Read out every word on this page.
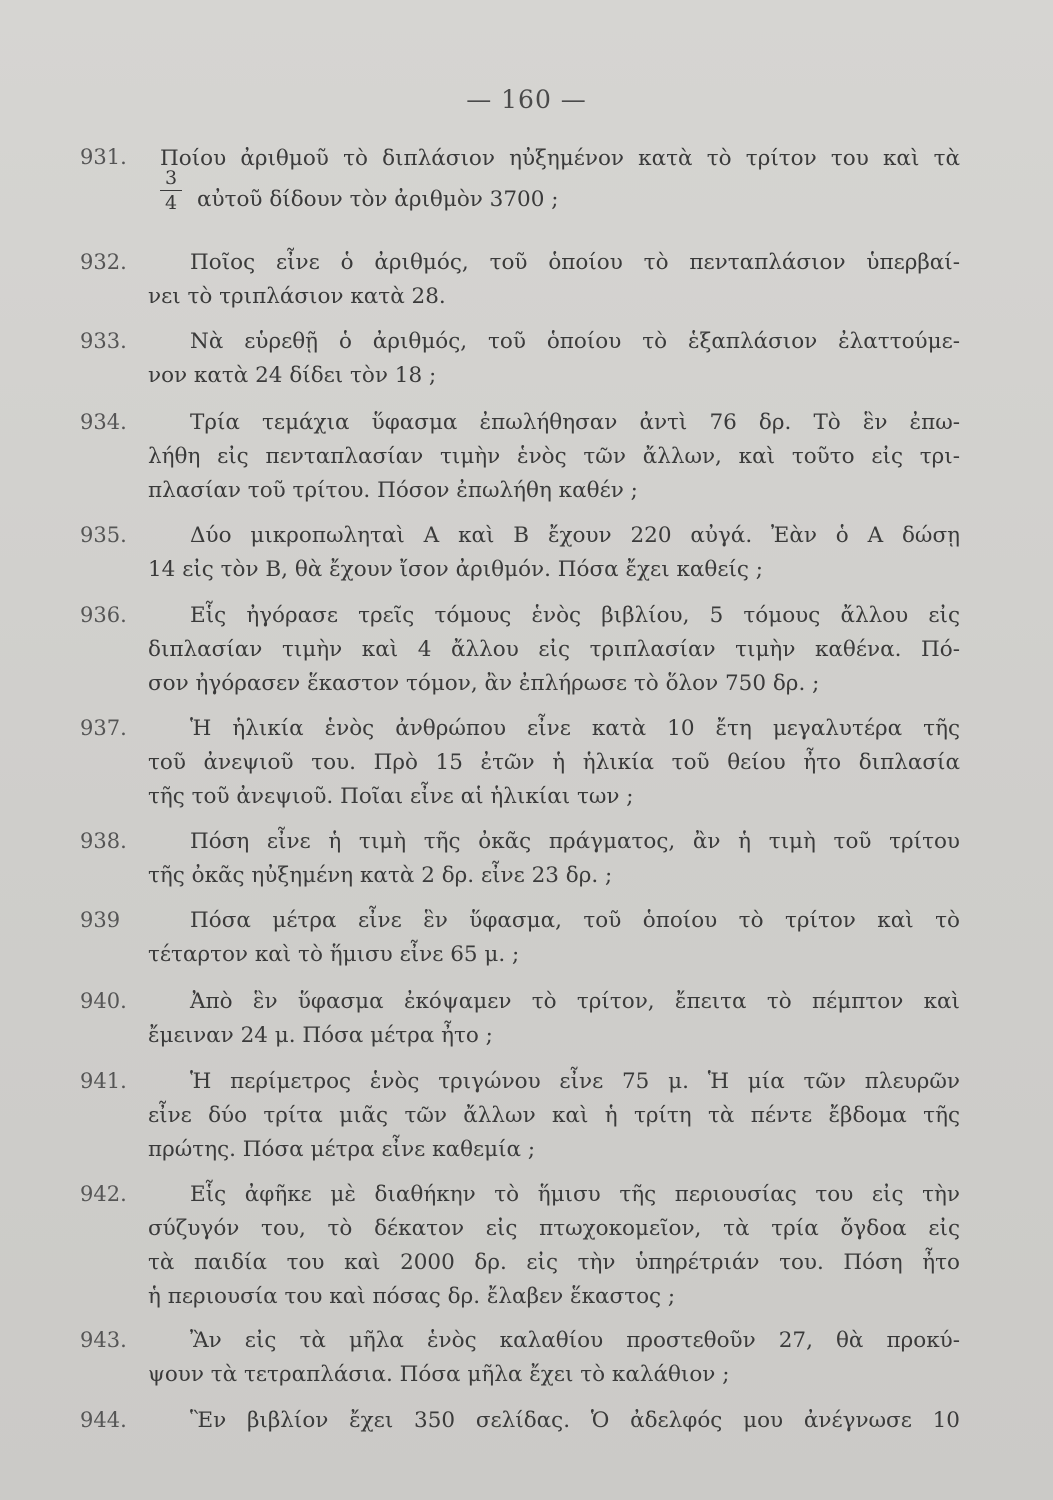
— 160 —
931. Ποίου ἀριθμοῦ τὸ διπλάσιον ηὐξημένον κατὰ τὸ τρίτον του καὶ τὰ
3
4 αὐτοῦ δίδουν τὸν ἀριθμὸν 3700 ;
932.	Ποῖος εἶνε ὁ ἀριθμός, τοῦ ὁποίου τὸ πενταπλάσιον ὑπερβαί-
νει τὸ τριπλάσιον κατὰ 28.
933.	Νὰ εὑρεθῇ ὁ ἀριθμός, τοῦ ὁποίου τὸ ἑξαπλάσιον ἐλαττούμε-
νον κατὰ 24 δίδει τὸν 18 ;
934.	Τρία τεμάχια ὕφασμα ἐπωλήθησαν ἀντὶ 76 δρ. Τὸ ἓν ἐπω-
λήθη εἰς πενταπλασίαν τιμὴν ἑνὸς τῶν ἄλλων, καὶ τοῦτο εἰς τρι-
πλασίαν τοῦ τρίτου. Πόσον ἐπωλήθη καθέν ;
935.	Δύο μικροπωληταὶ Α καὶ Β ἔχουν 220 αὐγά. Ἐὰν ὁ Α δώσῃ
14 εἰς τὸν Β, θὰ ἔχουν ἴσον ἀριθμόν. Πόσα ἔχει καθείς ;
936.	Εἷς ἠγόρασε τρεῖς τόμους ἑνὸς βιβλίου, 5 τόμους ἄλλου εἰς
διπλασίαν τιμὴν καὶ 4 ἄλλου εἰς τριπλασίαν τιμὴν καθένα. Πό-
σον ἠγόρασεν ἕκαστον τόμον, ἂν ἐπλήρωσε τὸ ὅλον 750 δρ. ;
937.	Ἡ ἡλικία ἑνὸς ἀνθρώπου εἶνε κατὰ 10 ἔτη μεγαλυτέρα τῆς
τοῦ ἀνεψιοῦ του. Πρὸ 15 ἐτῶν ἡ ἡλικία τοῦ θείου ἦτο διπλασία
τῆς τοῦ ἀνεψιοῦ. Ποῖαι εἶνε αἱ ἡλικίαι των ;
938.	Πόση εἶνε ἡ τιμὴ τῆς ὀκᾶς πράγματος, ἂν ἡ τιμὴ τοῦ τρίτου
τῆς ὀκᾶς ηὐξημένη κατὰ 2 δρ. εἶνε 23 δρ. ;
939	Πόσα μέτρα εἶνε ἓν ὕφασμα, τοῦ ὁποίου τὸ τρίτον καὶ τὸ
τέταρτον καὶ τὸ ἥμισυ εἶνε 65 μ. ;
940.	Ἀπὸ ἓν ὕφασμα ἐκόψαμεν τὸ τρίτον, ἔπειτα τὸ πέμπτον καὶ
ἔμειναν 24 μ. Πόσα μέτρα ἦτο ;
941.	Ἡ περίμετρος ἑνὸς τριγώνου εἶνε 75 μ. Ἡ μία τῶν πλευρῶν
εἶνε δύο τρίτα μιᾶς τῶν ἄλλων καὶ ἡ τρίτη τὰ πέντε ἔβδομα τῆς
πρώτης. Πόσα μέτρα εἶνε καθεμία ;
942.	Εἷς ἀφῆκε μὲ διαθήκην τὸ ἥμισυ τῆς περιουσίας του εἰς τὴν
σύζυγόν του, τὸ δέκατον εἰς πτωχοκομεῖον, τὰ τρία ὄγδοα εἰς
τὰ παιδία του καὶ 2000 δρ. εἰς τὴν ὑπηρέτριάν του. Πόση ἦτο
ἡ περιουσία του καὶ πόσας δρ. ἔλαβεν ἕκαστος ;
943.	Ἂν εἰς τὰ μῆλα ἑνὸς καλαθίου προστεθοῦν 27, θὰ προκύ-
ψουν τὰ τετραπλάσια. Πόσα μῆλα ἔχει τὸ καλάθιον ;
944.	Ἓν βιβλίον ἔχει 350 σελίδας. Ὁ ἀδελφός μου ἀνέγνωσε 10
